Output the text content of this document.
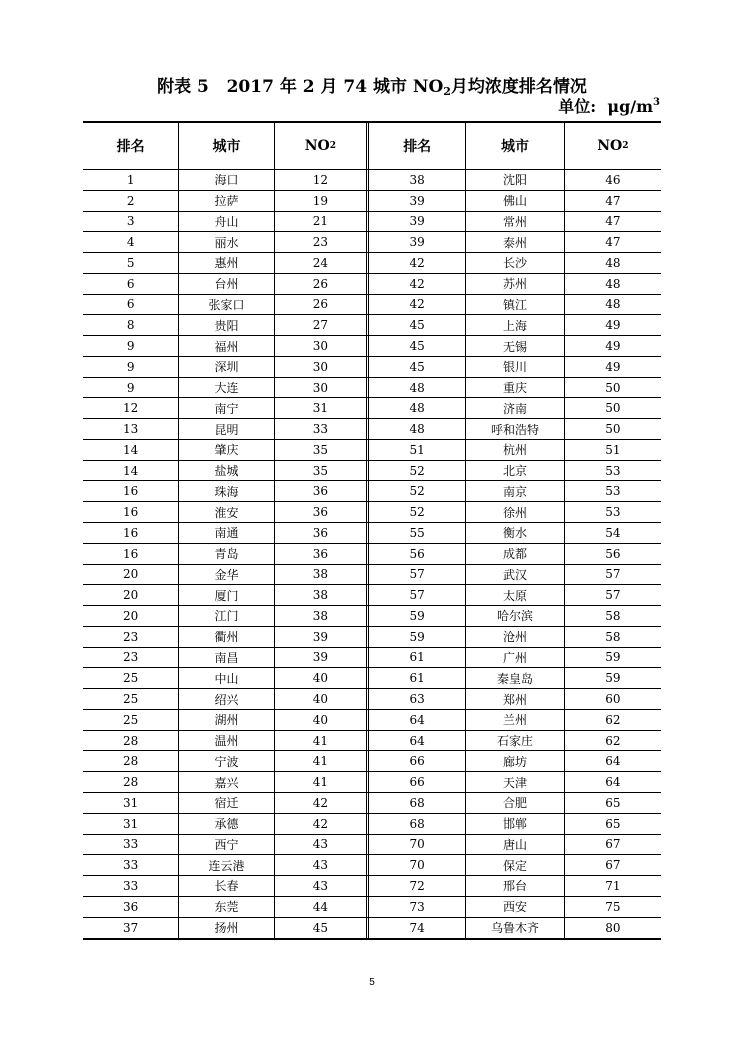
附表 5 2017 年 2 月 74 城市 $NO_2$月均浓度排名情况
单位: $\mu g/m^3$
排名	城市	NO 2	排名	城市	NO 2
1	海口	12	38	沈阳	46
2	拉萨	19	39	佛山	47
3	舟山	21	39	常州	47
4	丽水	23	39	泰州	47
5	惠州	24	42	长沙	48
6	台州	26	42	苏州	48
6	张家口	26	42	镇江	48
8	贵阳	27	45	上海	49
9	福州	30	45	无锡	49
9	深圳	30	45	银川	49
9	大连	30	48	重庆	50
12	南宁	31	48	济南	50
13	昆明	33	48	呼和浩特	50
14	肇庆	35	51	杭州	51
14	盐城	35	52	北京	53
16	珠海	36	52	南京	53
16	淮安	36	52	徐州	53
16	南通	36	55	衡水	54
16	青岛	36	56	成都	56
20	金华	38	57	武汉	57
20	厦门	38	57	太原	57
20	江门	38	59	哈尔滨	58
23	衢州	39	59	沧州	58
23	南昌	39	61	广州	59
25	中山	40	61	秦皇岛	59
25	绍兴	40	63	郑州	60
25	湖州	40	64	兰州	62
28	温州	41	64	石家庄	62
28	宁波	41	66	廊坊	64
28	嘉兴	41	66	天津	64
31	宿迁	42	68	合肥	65
31	承德	42	68	邯郸	65
33	西宁	43	70	唐山	67
33	连云港	43	70	保定	67
33	长春	43	72	邢台	71
36	东莞	44	73	西安	75
37	扬州	45	74	乌鲁木齐	80
5
